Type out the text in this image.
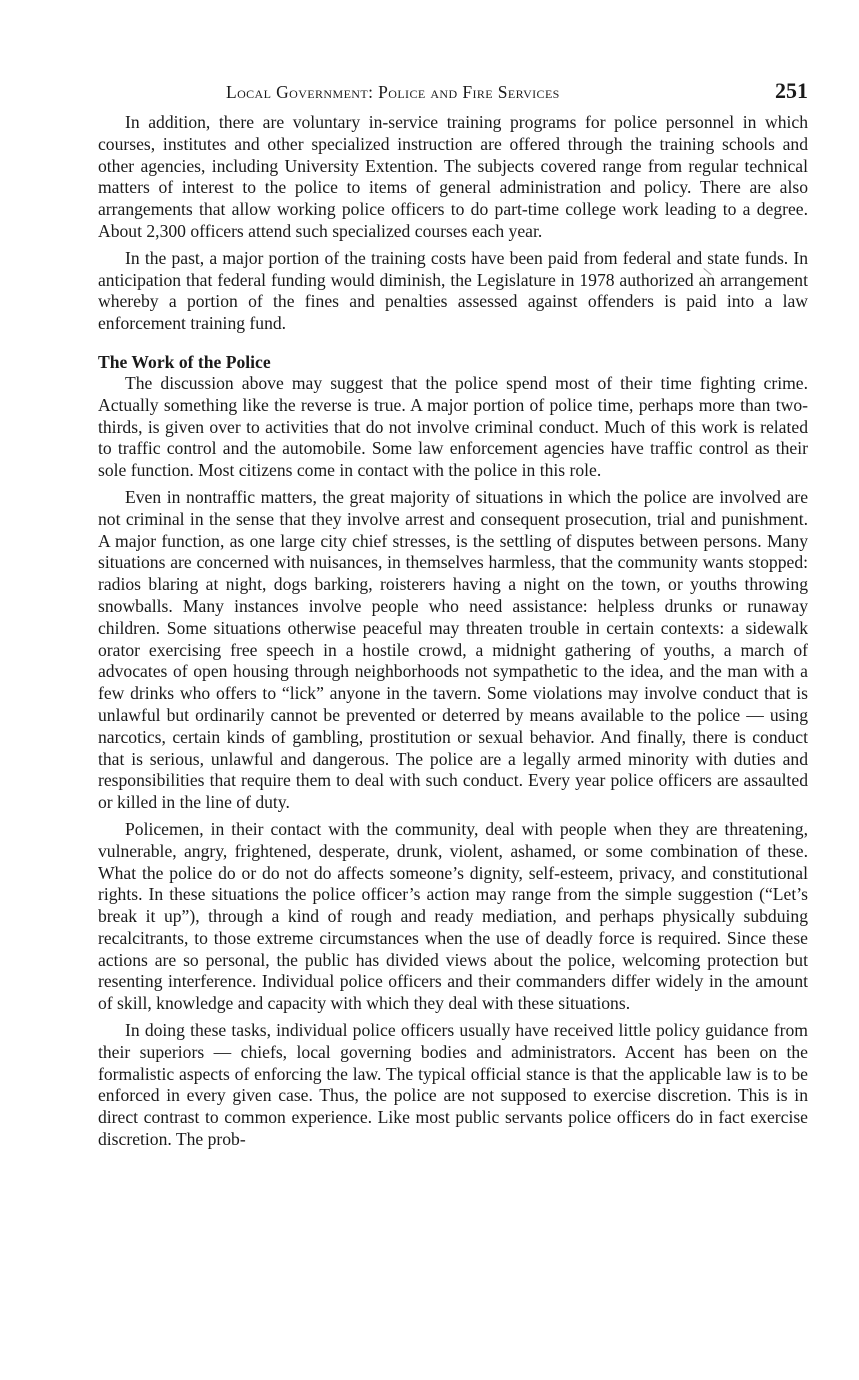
Local Government: Police and Fire Services	251

In addition, there are voluntary in-service training programs for police personnel in which courses, institutes and other specialized instruction are offered through the training schools and other agencies, including University Extention. The subjects covered range from regular technical matters of interest to the police to items of general administration and policy. There are also arrangements that allow working police officers to do part-time college work leading to a degree. About 2,300 officers attend such specialized courses each year.

In the past, a major portion of the training costs have been paid from federal and state funds. In anticipation that federal funding would diminish, the Legislature in 1978 authorized an arrangement whereby a portion of the fines and penalties assessed against offenders is paid into a law enforcement training fund.

The Work of the Police

The discussion above may suggest that the police spend most of their time fighting crime. Actually something like the reverse is true. A major portion of police time, perhaps more than two-thirds, is given over to activities that do not involve criminal conduct. Much of this work is related to traffic control and the automobile. Some law enforcement agencies have traffic control as their sole function. Most citizens come in contact with the police in this role.

Even in nontraffic matters, the great majority of situations in which the police are involved are not criminal in the sense that they involve arrest and consequent prosecution, trial and punishment. A major function, as one large city chief stresses, is the settling of disputes between persons. Many situations are concerned with nuisances, in themselves harmless, that the community wants stopped: radios blaring at night, dogs barking, roisterers having a night on the town, or youths throwing snowballs. Many instances involve people who need assistance: helpless drunks or runaway children. Some situations otherwise peaceful may threaten trouble in certain contexts: a sidewalk orator exercising free speech in a hostile crowd, a midnight gathering of youths, a march of advocates of open housing through neighborhoods not sympathetic to the idea, and the man with a few drinks who offers to “lick” anyone in the tavern. Some violations may involve conduct that is unlawful but ordinarily cannot be prevented or deterred by means available to the police — using narcotics, certain kinds of gambling, prostitution or sexual behavior. And finally, there is conduct that is serious, unlawful and dangerous. The police are a legally armed minority with duties and responsibilities that require them to deal with such conduct. Every year police officers are assaulted or killed in the line of duty.

Policemen, in their contact with the community, deal with people when they are threatening, vulnerable, angry, frightened, desperate, drunk, violent, ashamed, or some combination of these. What the police do or do not do affects someone’s dignity, self-esteem, privacy, and constitutional rights. In these situations the police officer’s action may range from the simple suggestion (“Let’s break it up”), through a kind of rough and ready mediation, and perhaps physically subduing recalcitrants, to those extreme circumstances when the use of deadly force is required. Since these actions are so personal, the public has divided views about the police, welcoming protection but resenting interference. Individual police officers and their commanders differ widely in the amount of skill, knowledge and capacity with which they deal with these situations.

In doing these tasks, individual police officers usually have received little policy guidance from their superiors — chiefs, local governing bodies and administrators. Accent has been on the formalistic aspects of enforcing the law. The typical official stance is that the applicable law is to be enforced in every given case. Thus, the police are not supposed to exercise discretion. This is in direct contrast to common experience. Like most public servants police officers do in fact exercise discretion. The prob-
